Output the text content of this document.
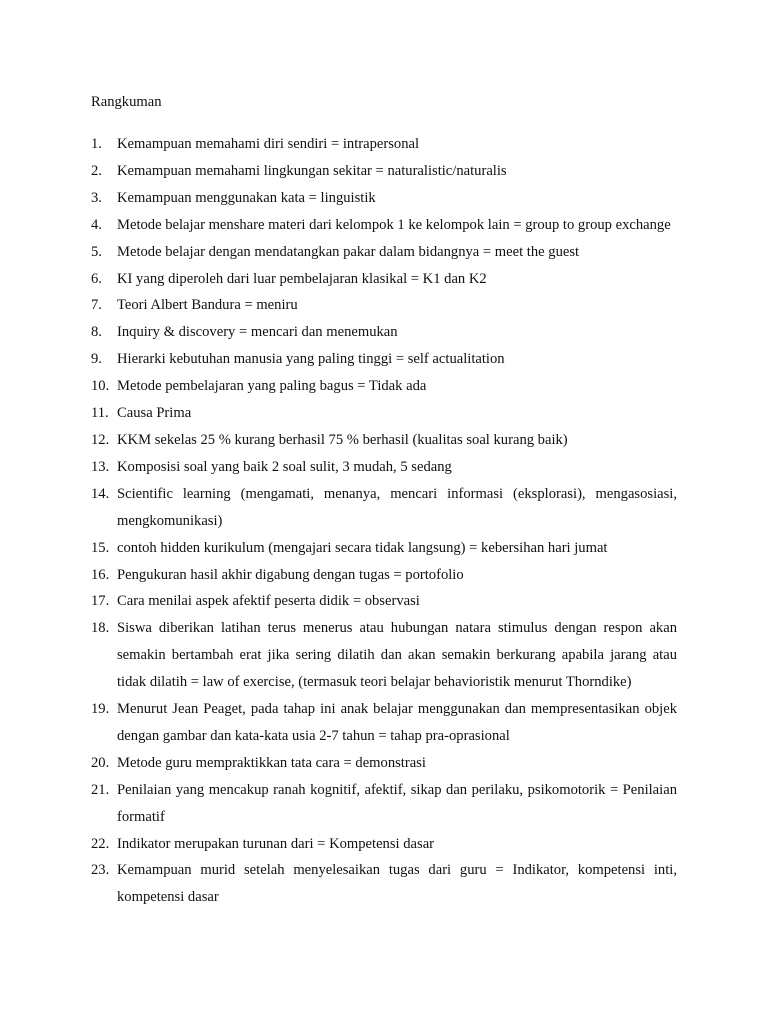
Rangkuman
1.	Kemampuan memahami diri sendiri = intrapersonal
2.	Kemampuan memahami lingkungan sekitar = naturalistic/naturalis
3.	Kemampuan menggunakan kata = linguistik
4.	Metode belajar menshare materi dari kelompok 1 ke kelompok lain = group to group exchange
5.	Metode belajar dengan mendatangkan pakar dalam bidangnya = meet the guest
6.	KI yang diperoleh dari luar pembelajaran klasikal = K1 dan K2
7.	Teori Albert Bandura = meniru
8.	Inquiry & discovery = mencari dan menemukan
9.	Hierarki kebutuhan manusia yang paling tinggi = self actualitation
10. Metode pembelajaran yang paling bagus = Tidak ada
11. Causa Prima
12. KKM sekelas 25 % kurang berhasil 75 % berhasil (kualitas soal kurang baik)
13. Komposisi soal yang baik 2 soal sulit, 3 mudah, 5 sedang
14. Scientific learning (mengamati, menanya, mencari informasi (eksplorasi), mengasosiasi, mengkomunikasi)
15. contoh hidden kurikulum (mengajari secara tidak langsung) = kebersihan hari jumat
16. Pengukuran hasil akhir digabung dengan tugas = portofolio
17. Cara menilai aspek afektif peserta didik = observasi
18. Siswa diberikan latihan terus menerus atau hubungan natara stimulus dengan respon akan semakin bertambah erat jika sering dilatih dan akan semakin berkurang apabila jarang atau tidak dilatih = law of exercise, (termasuk teori belajar behavioristik menurut Thorndike)
19. Menurut Jean Peaget, pada tahap ini anak belajar menggunakan dan mempresentasikan objek dengan gambar dan kata-kata usia 2-7 tahun = tahap pra-oprasional
20. Metode guru mempraktikkan tata cara = demonstrasi
21. Penilaian yang mencakup ranah kognitif, afektif, sikap dan perilaku, psikomotorik = Penilaian formatif
22. Indikator merupakan turunan dari = Kompetensi dasar
23. Kemampuan murid setelah menyelesaikan tugas dari guru = Indikator, kompetensi inti, kompetensi dasar
